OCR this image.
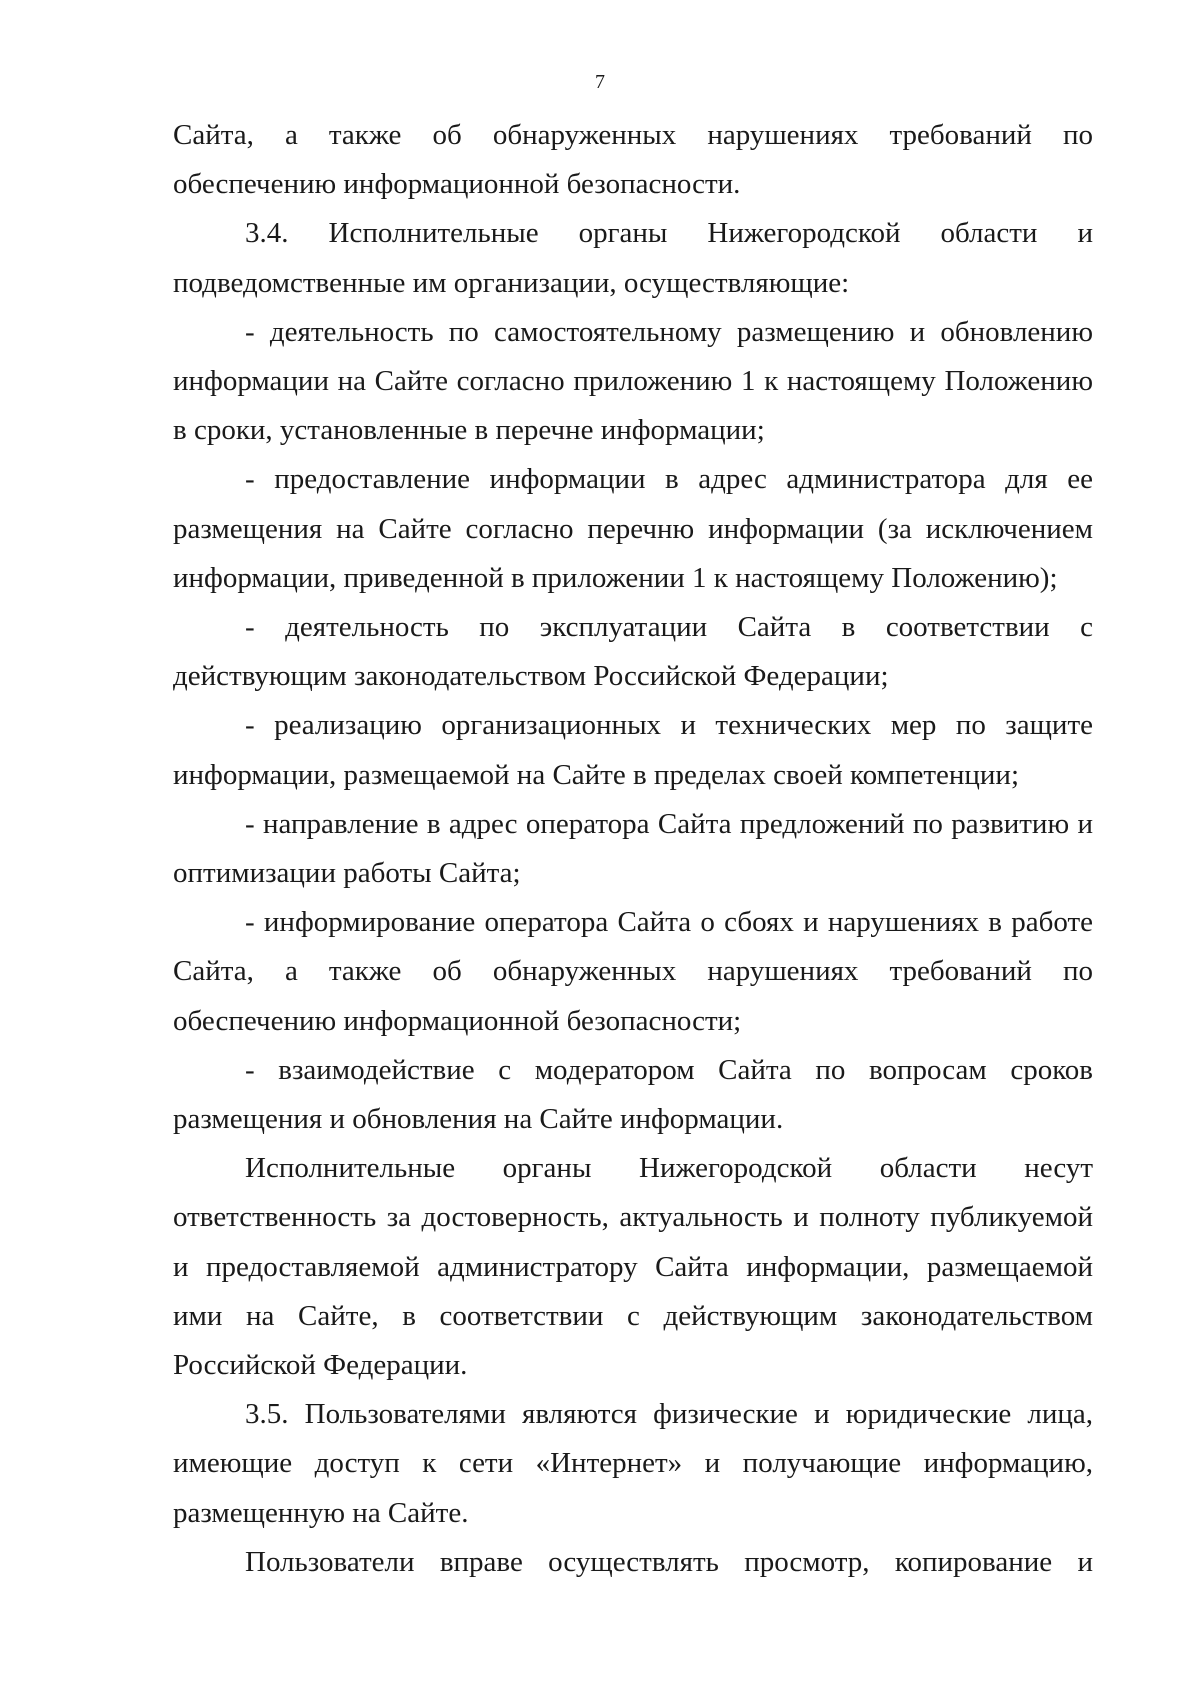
7

Сайта, а также об обнаруженных нарушениях требований по обеспечению информационной безопасности.

3.4. Исполнительные органы Нижегородской области и подведомственные им организации, осуществляющие:

- деятельность по самостоятельному размещению и обновлению информации на Сайте согласно приложению 1 к настоящему Положению в сроки, установленные в перечне информации;

- предоставление информации в адрес администратора для ее размещения на Сайте согласно перечню информации (за исключением информации, приведенной в приложении 1 к настоящему Положению);

- деятельность по эксплуатации Сайта в соответствии с действующим законодательством Российской Федерации;

- реализацию организационных и технических мер по защите информации, размещаемой на Сайте в пределах своей компетенции;

- направление в адрес оператора Сайта предложений по развитию и оптимизации работы Сайта;

- информирование оператора Сайта о сбоях и нарушениях в работе Сайта, а также об обнаруженных нарушениях требований по обеспечению информационной безопасности;

- взаимодействие с модератором Сайта по вопросам сроков размещения и обновления на Сайте информации.

Исполнительные органы Нижегородской области несут ответственность за достоверность, актуальность и полноту публикуемой и предоставляемой администратору Сайта информации, размещаемой ими на Сайте, в соответствии с действующим законодательством Российской Федерации.

3.5. Пользователями являются физические и юридические лица, имеющие доступ к сети «Интернет» и получающие информацию, размещенную на Сайте.

Пользователи вправе осуществлять просмотр, копирование и
